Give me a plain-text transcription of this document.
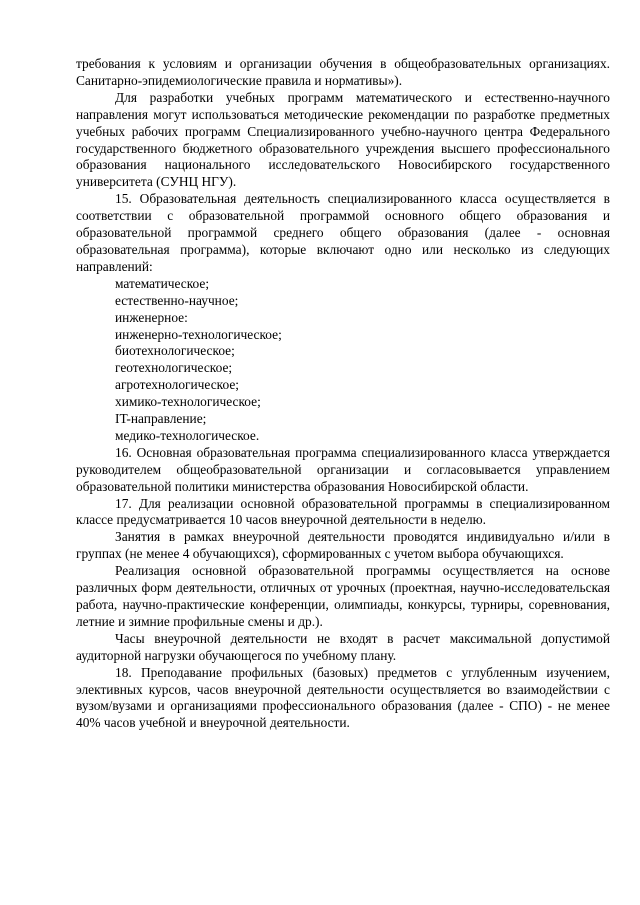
требования к условиям и организации обучения в общеобразовательных организациях. Санитарно-эпидемиологические правила и нормативы»).

Для разработки учебных программ математического и естественно-научного направления могут использоваться методические рекомендации по разработке предметных учебных рабочих программ Специализированного учебно-научного центра Федерального государственного бюджетного образовательного учреждения высшего профессионального образования национального исследовательского Новосибирского государственного университета (СУНЦ НГУ).

15. Образовательная деятельность специализированного класса осуществляется в соответствии с образовательной программой основного общего образования и образовательной программой среднего общего образования (далее - основная образовательная программа), которые включают одно или несколько из следующих направлений:

математическое;
естественно-научное;
инженерное:
инженерно-технологическое;
биотехнологическое;
геотехнологическое;
агротехнологическое;
химико-технологическое;
IT-направление;
медико-технологическое.

16. Основная образовательная программа специализированного класса утверждается руководителем общеобразовательной организации и согласовывается управлением образовательной политики министерства образования Новосибирской области.

17. Для реализации основной образовательной программы в специализированном классе предусматривается 10 часов внеурочной деятельности в неделю.

Занятия в рамках внеурочной деятельности проводятся индивидуально и/или в группах (не менее 4 обучающихся), сформированных с учетом выбора обучающихся.

Реализация основной образовательной программы осуществляется на основе различных форм деятельности, отличных от урочных (проектная, научно-исследовательская работа, научно-практические конференции, олимпиады, конкурсы, турниры, соревнования, летние и зимние профильные смены и др.).

Часы внеурочной деятельности не входят в расчет максимальной допустимой аудиторной нагрузки обучающегося по учебному плану.

18. Преподавание профильных (базовых) предметов с углубленным изучением, элективных курсов, часов внеурочной деятельности осуществляется во взаимодействии с вузом/вузами и организациями профессионального образования (далее - СПО) - не менее 40% часов учебной и внеурочной деятельности.
